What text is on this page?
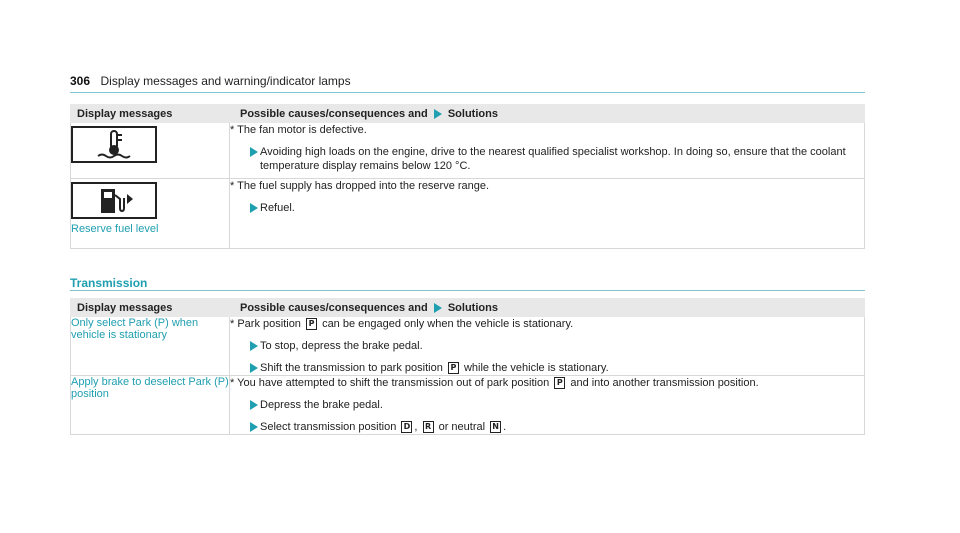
306 Display messages and warning/indicator lamps
Display messages	Possible causes/consequences and Solutions

* The fan motor is defective.
Avoiding high loads on the engine, drive to the nearest qualified specialist workshop. In doing so, ensure that the coolant temperature display remains below 120 °C.

Reserve fuel level	* The fuel supply has dropped into the reserve range.
Refuel.
Transmission
Display messages	Possible causes/consequences and Solutions
Only select Park (P) when vehicle is stationary	* Park position P can be engaged only when the vehicle is stationary.
To stop, depress the brake pedal.
Shift the transmission to park position P while the vehicle is stationary.

Apply brake to deselect Park (P) position	* You have attempted to shift the transmission out of park position P and into another transmission position.
Depress the brake pedal.
Select transmission position D , R or neutral N .
